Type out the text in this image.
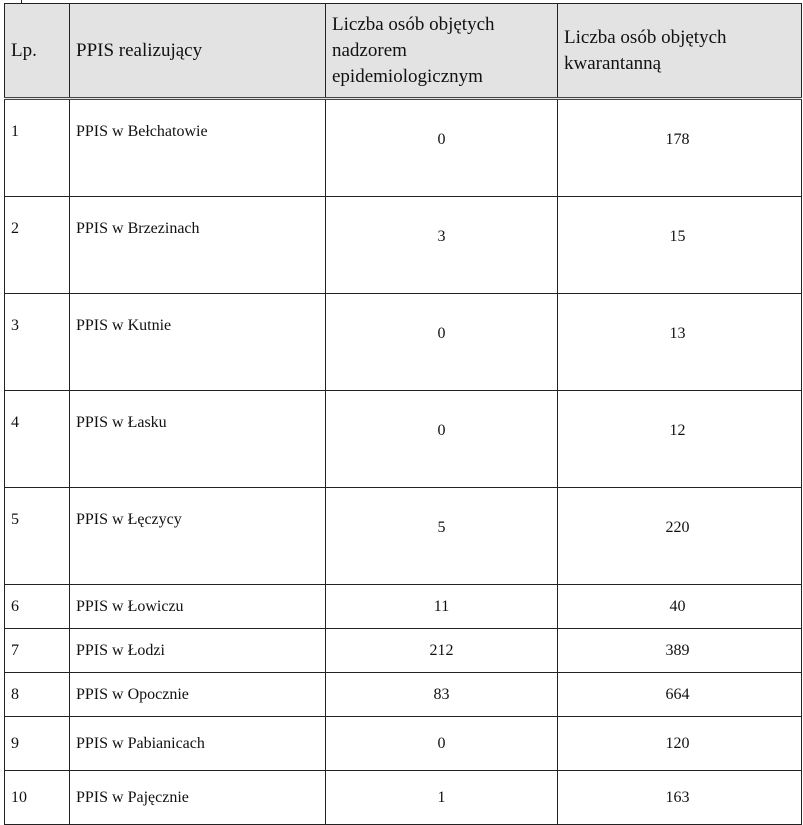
Lp.	PPIS realizujący	Liczba osób objętych nadzorem epidemiologicznym	Liczba osób objętych kwarantanną
1	PPIS w Bełchatowie	0	178
2	PPIS w Brzezinach	3	15
3	PPIS w Kutnie	0	13
4	PPIS w Łasku	0	12
5	PPIS w Łęczycy	5	220
6	PPIS w Łowiczu	11	40
7	PPIS w Łodzi	212	389
8	PPIS w Opocznie	83	664
9	PPIS w Pabianicach	0	120
10	PPIS w Pajęcznie	1	163
